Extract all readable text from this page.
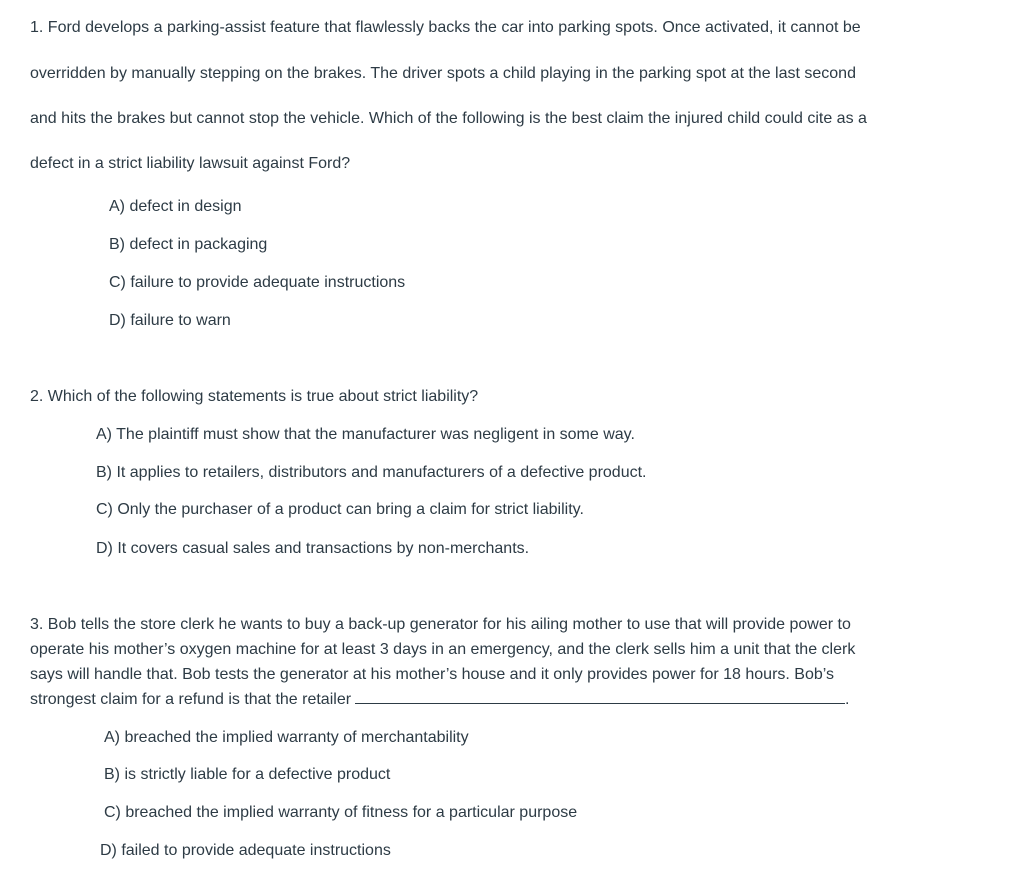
1. Ford develops a parking-assist feature that flawlessly backs the car into parking spots. Once activated, it cannot be
overridden by manually stepping on the brakes. The driver spots a child playing in the parking spot at the last second
and hits the brakes but cannot stop the vehicle. Which of the following is the best claim the injured child could cite as a
defect in a strict liability lawsuit against Ford?
A) defect in design
B) defect in packaging
C) failure to provide adequate instructions
D) failure to warn
2. Which of the following statements is true about strict liability?
A) The plaintiff must show that the manufacturer was negligent in some way.
B) It applies to retailers, distributors and manufacturers of a defective product.
C) Only the purchaser of a product can bring a claim for strict liability.
D) It covers casual sales and transactions by non-merchants.
3. Bob tells the store clerk he wants to buy a back-up generator for his ailing mother to use that will provide power to
operate his mother’s oxygen machine for at least 3 days in an emergency, and the clerk sells him a unit that the clerk
says will handle that. Bob tests the generator at his mother’s house and it only provides power for 18 hours. Bob’s
strongest claim for a refund is that the retailer	.
A) breached the implied warranty of merchantability
B) is strictly liable for a defective product
C) breached the implied warranty of fitness for a particular purpose
D) failed to provide adequate instructions
